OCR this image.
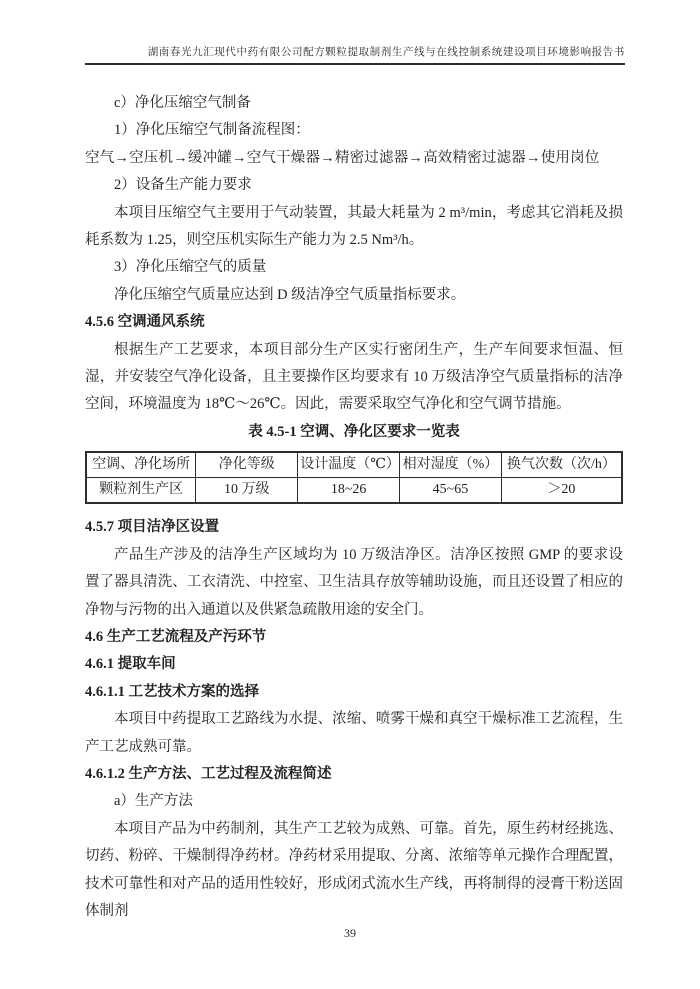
湖南春光九汇现代中药有限公司配方颗粒提取制剂生产线与在线控制系统建设项目环境影响报告书
c）净化压缩空气制备
1）净化压缩空气制备流程图：
空气→空压机→缓冲罐→空气干燥器→精密过滤器→高效精密过滤器→使用岗位
2）设备生产能力要求
本项目压缩空气主要用于气动装置，其最大耗量为 2 m³/min，考虑其它消耗及损耗系数为 1.25，则空压机实际生产能力为 2.5 Nm³/h。
3）净化压缩空气的质量
净化压缩空气质量应达到 D 级洁净空气质量指标要求。
4.5.6 空调通风系统
根据生产工艺要求，本项目部分生产区实行密闭生产，生产车间要求恒温、恒湿，并安装空气净化设备，且主要操作区均要求有 10 万级洁净空气质量指标的洁净空间，环境温度为 18℃～26℃。因此，需要采取空气净化和空气调节措施。
表 4.5-1 空调、净化区要求一览表
空调、净化场所	净化等级	设计温度（℃）	相对湿度（%）	换气次数（次/h）
颗粒剂生产区	10 万级	18~26	45~65	＞20
4.5.7 项目洁净区设置
产品生产涉及的洁净生产区域均为 10 万级洁净区。洁净区按照 GMP 的要求设置了器具清洗、工衣清洗、中控室、卫生洁具存放等辅助设施，而且还设置了相应的净物与污物的出入通道以及供紧急疏散用途的安全门。
4.6 生产工艺流程及产污环节
4.6.1 提取车间
4.6.1.1 工艺技术方案的选择
本项目中药提取工艺路线为水提、浓缩、喷雾干燥和真空干燥标准工艺流程，生产工艺成熟可靠。
4.6.1.2 生产方法、工艺过程及流程简述
a）生产方法
本项目产品为中药制剂，其生产工艺较为成熟、可靠。首先，原生药材经挑选、切药、粉碎、干燥制得净药材。净药材采用提取、分离、浓缩等单元操作合理配置，技术可靠性和对产品的适用性较好，形成闭式流水生产线，再将制得的浸膏干粉送固体制剂
39
